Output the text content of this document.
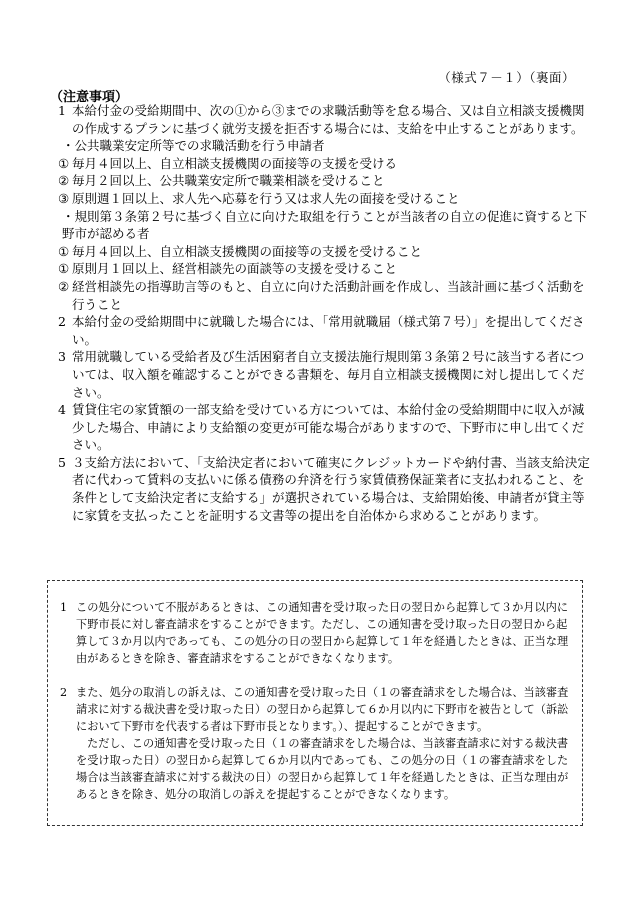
（様式７－１）（裏面）
（注意事項）
1 本給付金の受給期間中、次の①から③までの求職活動等を怠る場合、又は自立相談支援機関の作成するプランに基づく就労支援を拒否する場合には、支給を中止することがあります。
・公共職業安定所等での求職活動を行う申請者
① 毎月４回以上、自立相談支援機関の面接等の支援を受ける
② 毎月２回以上、公共職業安定所で職業相談を受けること
③ 原則週１回以上、求人先へ応募を行う又は求人先の面接を受けること
・規則第３条第２号に基づく自立に向けた取組を行うことが当該者の自立の促進に資すると下野市が認める者
① 毎月４回以上、自立相談支援機関の面接等の支援を受けること
① 原則月１回以上、経営相談先の面談等の支援を受けること
② 経営相談先の指導助言等のもと、自立に向けた活動計画を作成し、当該計画に基づく活動を行うこと
2 本給付金の受給期間中に就職した場合には、「常用就職届（様式第７号）」を提出してください。
3 常用就職している受給者及び生活困窮者自立支援法施行規則第３条第２号に該当する者については、収入額を確認することができる書類を、毎月自立相談支援機関に対し提出してください。
4 賃貸住宅の家賃額の一部支給を受けている方については、本給付金の受給期間中に収入が減少した場合、申請により支給額の変更が可能な場合がありますので、下野市に申し出てください。
5 ３支給方法において、「支給決定者において確実にクレジットカードや納付書、当該支給決定者に代わって賃料の支払いに係る債務の弁済を行う家賃債務保証業者に支払われること、を条件として支給決定者に支給する」が選択されている場合は、支給開始後、申請者が貸主等に家賃を支払ったことを証明する文書等の提出を自治体から求めることがあります。
1 この処分について不服があるときは、この通知書を受け取った日の翌日から起算して３か月以内に下野市長に対し審査請求をすることができます。ただし、この通知書を受け取った日の翌日から起算して３か月以内であっても、この処分の日の翌日から起算して１年を経過したときは、正当な理由があるときを除き、審査請求をすることができなくなります。
2 また、処分の取消しの訴えは、この通知書を受け取った日（１の審査請求をした場合は、当該審査請求に対する裁決書を受け取った日）の翌日から起算して６か月以内に下野市を被告として（訴訟において下野市を代表する者は下野市長となります。）、提起することができます。
ただし、この通知書を受け取った日（１の審査請求をした場合は、当該審査請求に対する裁決書を受け取った日）の翌日から起算して６か月以内であっても、この処分の日（１の審査請求をした場合は当該審査請求に対する裁決の日）の翌日から起算して１年を経過したときは、正当な理由があるときを除き、処分の取消しの訴えを提起することができなくなります。
